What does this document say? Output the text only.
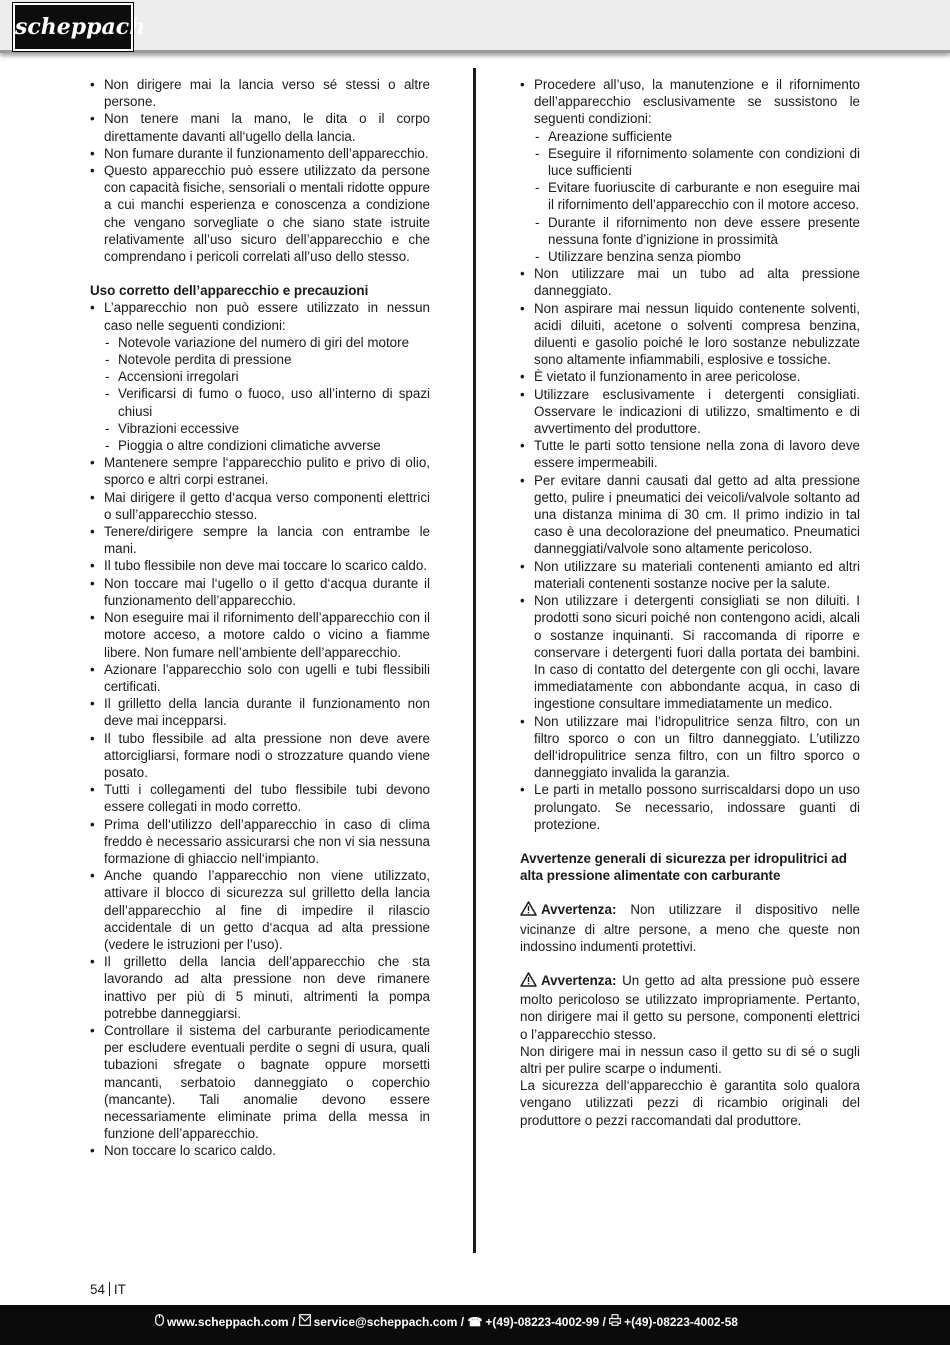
scheppach
• Non dirigere mai la lancia verso sé stessi o altre persone.
• Non tenere mani la mano, le dita o il corpo direttamente davanti all‘ugello della lancia.
• Non fumare durante il funzionamento dell’apparecchio.
• Questo apparecchio può essere utilizzato da persone con capacità fisiche, sensoriali o mentali ridotte oppure a cui manchi esperienza e conoscenza a condizione che vengano sorvegliate o che siano state istruite relativamente all’uso sicuro dell’apparecchio e che comprendano i pericoli correlati all’uso dello stesso.
Uso corretto dell’apparecchio e precauzioni
• L’apparecchio non può essere utilizzato in nessun caso nelle seguenti condizioni:
- Notevole variazione del numero di giri del motore
- Notevole perdita di pressione
- Accensioni irregolari
- Verificarsi di fumo o fuoco, uso all’interno di spazi chiusi
- Vibrazioni eccessive
- Pioggia o altre condizioni climatiche avverse
• Mantenere sempre l‘apparecchio pulito e privo di olio, sporco e altri corpi estranei.
• Mai dirigere il getto d‘acqua verso componenti elettrici o sull’apparecchio stesso.
• Tenere/dirigere sempre la lancia con entrambe le mani.
• Il tubo flessibile non deve mai toccare lo scarico caldo.
• Non toccare mai l‘ugello o il getto d‘acqua durante il funzionamento dell’apparecchio.
• Non eseguire mai il rifornimento dell’apparecchio con il motore acceso, a motore caldo o vicino a fiamme libere. Non fumare nell’ambiente dell’apparecchio.
• Azionare l’apparecchio solo con ugelli e tubi flessibili certificati.
• Il grilletto della lancia durante il funzionamento non deve mai incepparsi.
• Il tubo flessibile ad alta pressione non deve avere attorcigliarsi, formare nodi o strozzature quando viene posato.
• Tutti i collegamenti del tubo flessibile tubi devono essere collegati in modo corretto.
• Prima dell‘utilizzo dell’apparecchio in caso di clima freddo è necessario assicurarsi che non vi sia nessuna formazione di ghiaccio nell‘impianto.
• Anche quando l’apparecchio non viene utilizzato, attivare il blocco di sicurezza sul grilletto della lancia dell’apparecchio al fine di impedire il rilascio accidentale di un getto d‘acqua ad alta pressione (vedere le istruzioni per l’uso).
• Il grilletto della lancia dell’apparecchio che sta lavorando ad alta pressione non deve rimanere inattivo per più di 5 minuti, altrimenti la pompa potrebbe danneggiarsi.
• Controllare il sistema del carburante periodicamente per escludere eventuali perdite o segni di usura, quali tubazioni sfregate o bagnate oppure morsetti mancanti, serbatoio danneggiato o coperchio (mancante). Tali anomalie devono essere necessariamente eliminate prima della messa in funzione dell’apparecchio.
• Non toccare lo scarico caldo.
• Procedere all’uso, la manutenzione e il rifornimento dell’apparecchio esclusivamente se sussistono le seguenti condizioni:
- Areazione sufficiente
- Eseguire il rifornimento solamente con condizioni di luce sufficienti
- Evitare fuoriuscite di carburante e non eseguire mai il rifornimento dell’apparecchio con il motore acceso.
- Durante il rifornimento non deve essere presente nessuna fonte d’ignizione in prossimità
- Utilizzare benzina senza piombo
• Non utilizzare mai un tubo ad alta pressione danneggiato.
• Non aspirare mai nessun liquido contenente solventi, acidi diluiti, acetone o solventi compresa benzina, diluenti e gasolio poiché le loro sostanze nebulizzate sono altamente infiammabili, esplosive e tossiche.
• È vietato il funzionamento in aree pericolose.
• Utilizzare esclusivamente i detergenti consigliati. Osservare le indicazioni di utilizzo, smaltimento e di avvertimento del produttore.
• Tutte le parti sotto tensione nella zona di lavoro deve essere impermeabili.
• Per evitare danni causati dal getto ad alta pressione getto, pulire i pneumatici dei veicoli/valvole soltanto ad una distanza minima di 30 cm. Il primo indizio in tal caso è una decolorazione del pneumatico. Pneumatici danneggiati/valvole sono altamente pericoloso.
• Non utilizzare su materiali contenenti amianto ed altri materiali contenenti sostanze nocive per la salute.
• Non utilizzare i detergenti consigliati se non diluiti. I prodotti sono sicuri poiché non contengono acidi, alcali o sostanze inquinanti. Si raccomanda di riporre e conservare i detergenti fuori dalla portata dei bambini. In caso di contatto del detergente con gli occhi, lavare immediatamente con abbondante acqua, in caso di ingestione consultare immediatamente un medico.
• Non utilizzare mai l’idropulitrice senza filtro, con un filtro sporco o con un filtro danneggiato. L’utilizzo dell‘idropulitrice senza filtro, con un filtro sporco o danneggiato invalida la garanzia.
• Le parti in metallo possono surriscaldarsi dopo un uso prolungato. Se necessario, indossare guanti di protezione.
Avvertenze generali di sicurezza per idropulitrici ad alta pressione alimentate con carburante

Avvertenza: Non utilizzare il dispositivo nelle vicinanze di altre persone, a meno che queste non indossino indumenti protettivi.

Avvertenza: Un getto ad alta pressione può essere molto pericoloso se utilizzato impropriamente. Pertanto, non dirigere mai il getto su persone, componenti elettrici o l’apparecchio stesso.

Non dirigere mai in nessun caso il getto su di sé o sugli altri per pulire scarpe o indumenti.

La sicurezza dell‘apparecchio è garantita solo qualora vengano utilizzati pezzi di ricambio originali del produttore o pezzi raccomandati dal produttore.

54 IT
www.scheppach.com / service@scheppach.com / ☎ +(49)-08223-4002-99 / +(49)-08223-4002-58
